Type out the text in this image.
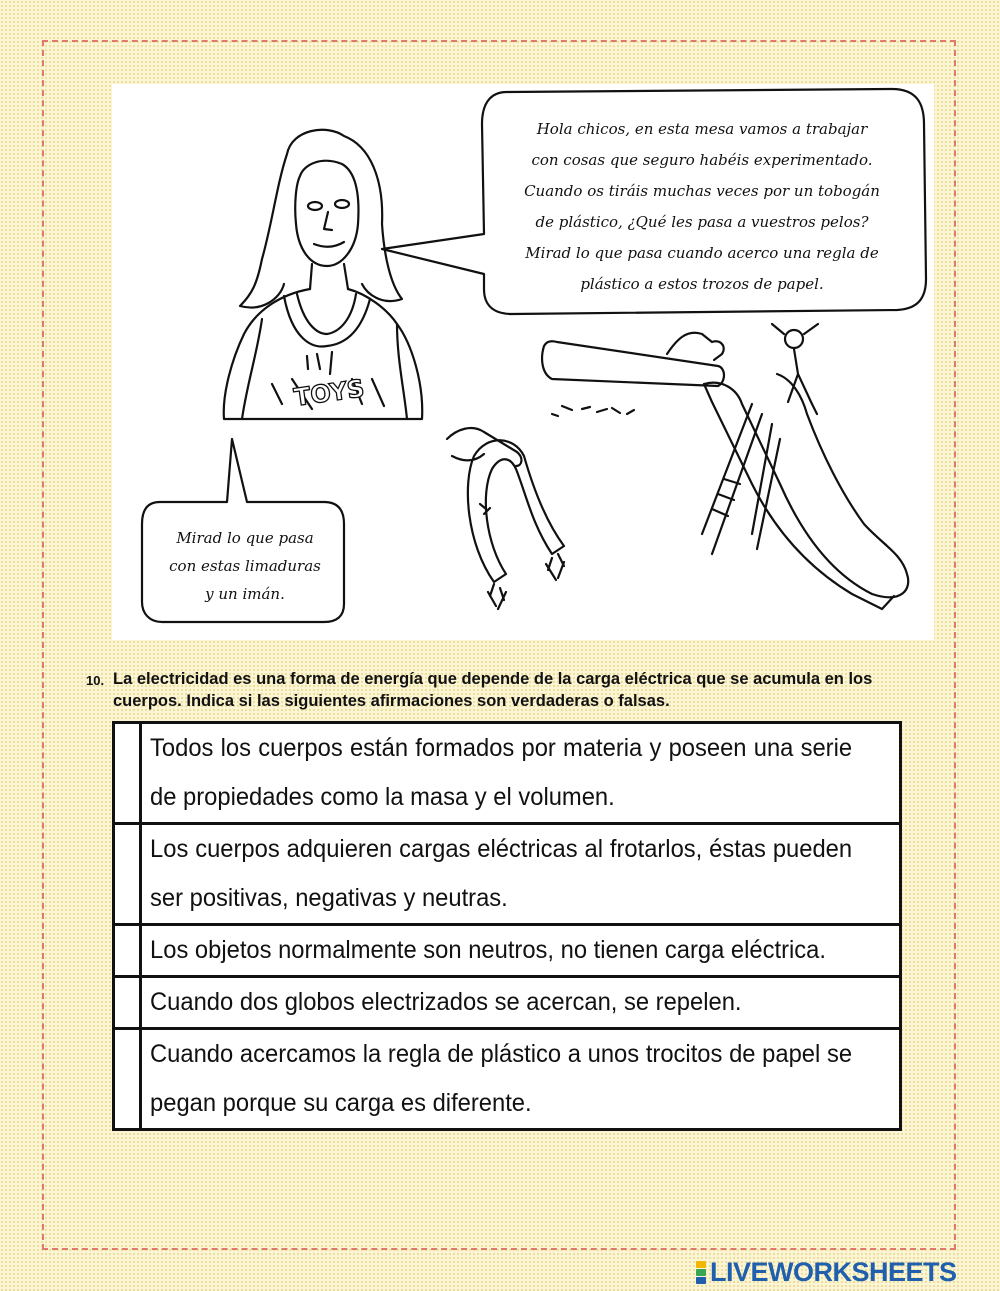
TOYS
Hola chicos, en esta mesa vamos a trabajar
con cosas que seguro habéis experimentado.
Cuando os tiráis muchas veces por un tobogán
de plástico, ¿Qué les pasa a vuestros pelos?
Mirad lo que pasa cuando acerco una regla de
plástico a estos trozos de papel.
Mirad lo que pasa
con estas limaduras
y un imán.
10. La electricidad es una forma de energía que depende de la carga eléctrica que se acumula en los cuerpos. Indica si las siguientes afirmaciones son verdaderas o falsas.
	Todos los cuerpos están formados por materia y poseen una serie de propiedades como la masa y el volumen.
	Los cuerpos adquieren cargas eléctricas al frotarlos, éstas pueden ser positivas, negativas y neutras.
	Los objetos normalmente son neutros, no tienen carga eléctrica.
	Cuando dos globos electrizados se acercan, se repelen.
	Cuando acercamos la regla de plástico a unos trocitos de papel se pegan porque su carga es diferente.
LIVEWORKSHEETS
